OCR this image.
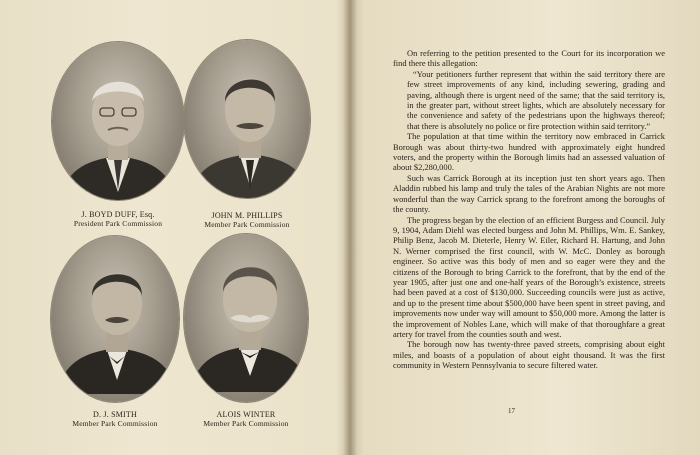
J. BOYD DUFF, Esq.
President Park Commission
JOHN M. PHILLIPS
Member Park Commission
D. J. SMITH
Member Park Commission
ALOIS WINTER
Member Park Commission

On referring to the petition presented to the Court for its incorporation we find there this allegation:

“Your petitioners further represent that within the said territory there are few street improvements of any kind, including sewering, grading and paving, although there is urgent need of the same; that the said territory is, in the greater part, without street lights, which are absolutely necessary for the convenience and safety of the pedestrians upon the highways thereof; that there is absolutely no police or fire protection within said territory.”

The population at that time within the territory now embraced in Carrick Borough was about thirty-two hundred with approximately eight hundred voters, and the property within the Borough limits had an assessed valuation of about $2,280,000.

Such was Carrick Borough at its inception just ten short years ago. Then Aladdin rubbed his lamp and truly the tales of the Arabian Nights are not more wonderful than the way Carrick sprang to the forefront among the boroughs of the county.

The progress began by the election of an efficient Burgess and Council. July 9, 1904, Adam Diehl was elected burgess and John M. Phillips, Wm. E. Sankey, Philip Benz, Jacob M. Dieterle, Henry W. Eiler, Richard H. Hartung, and John N. Werner comprised the first council, with W. McC. Donley as borough engineer. So active was this body of men and so eager were they and the citizens of the Borough to bring Carrick to the forefront, that by the end of the year 1905, after just one and one-half years of the Borough’s existence, streets had been paved at a cost of $130,000. Succeeding councils were just as active, and up to the present time about $500,000 have been spent in street paving, and improvements now under way will amount to $50,000 more. Among the latter is the improvement of Nobles Lane, which will make of that thoroughfare a great artery for travel from the counties south and west.

The borough now has twenty-three paved streets, comprising about eight miles, and boasts of a population of about eight thousand. It was the first community in Western Pennsylvania to secure filtered water.

17
